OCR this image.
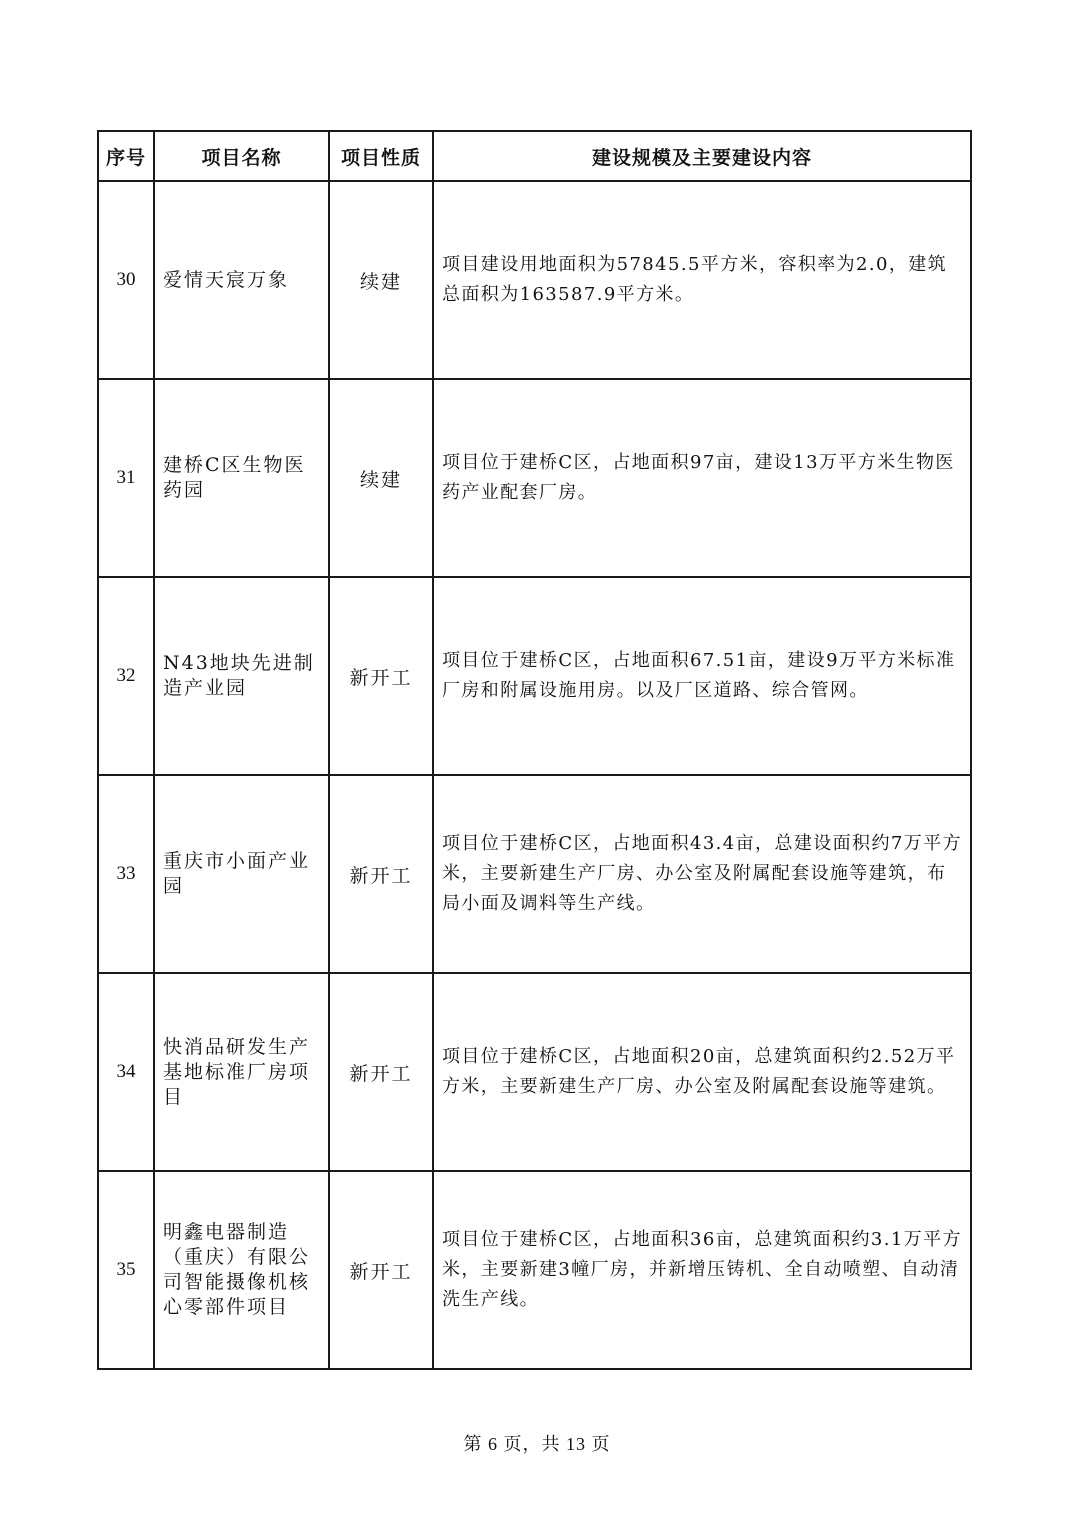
序号	项目名称	项目性质	建设规模及主要建设内容
30	爱情天宸万象	续建	项目建设用地面积为57845.5平方米，容积率为2.0，建筑总面积为163587.9平方米。
31	建桥C区生物医药园	续建	项目位于建桥C区，占地面积97亩，建设13万平方米生物医药产业配套厂房。
32	N43地块先进制造产业园	新开工	项目位于建桥C区，占地面积67.51亩，建设9万平方米标准厂房和附属设施用房。以及厂区道路、综合管网。
33	重庆市小面产业园	新开工	项目位于建桥C区，占地面积43.4亩，总建设面积约7万平方米，主要新建生产厂房、办公室及附属配套设施等建筑，布局小面及调料等生产线。
34	快消品研发生产基地标准厂房项目	新开工	项目位于建桥C区，占地面积20亩，总建筑面积约2.52万平方米，主要新建生产厂房、办公室及附属配套设施等建筑。
35	明鑫电器制造（重庆）有限公司智能摄像机核心零部件项目	新开工	项目位于建桥C区，占地面积36亩，总建筑面积约3.1万平方米，主要新建3幢厂房，并新增压铸机、全自动喷塑、自动清洗生产线。
第 6 页，共 13 页
